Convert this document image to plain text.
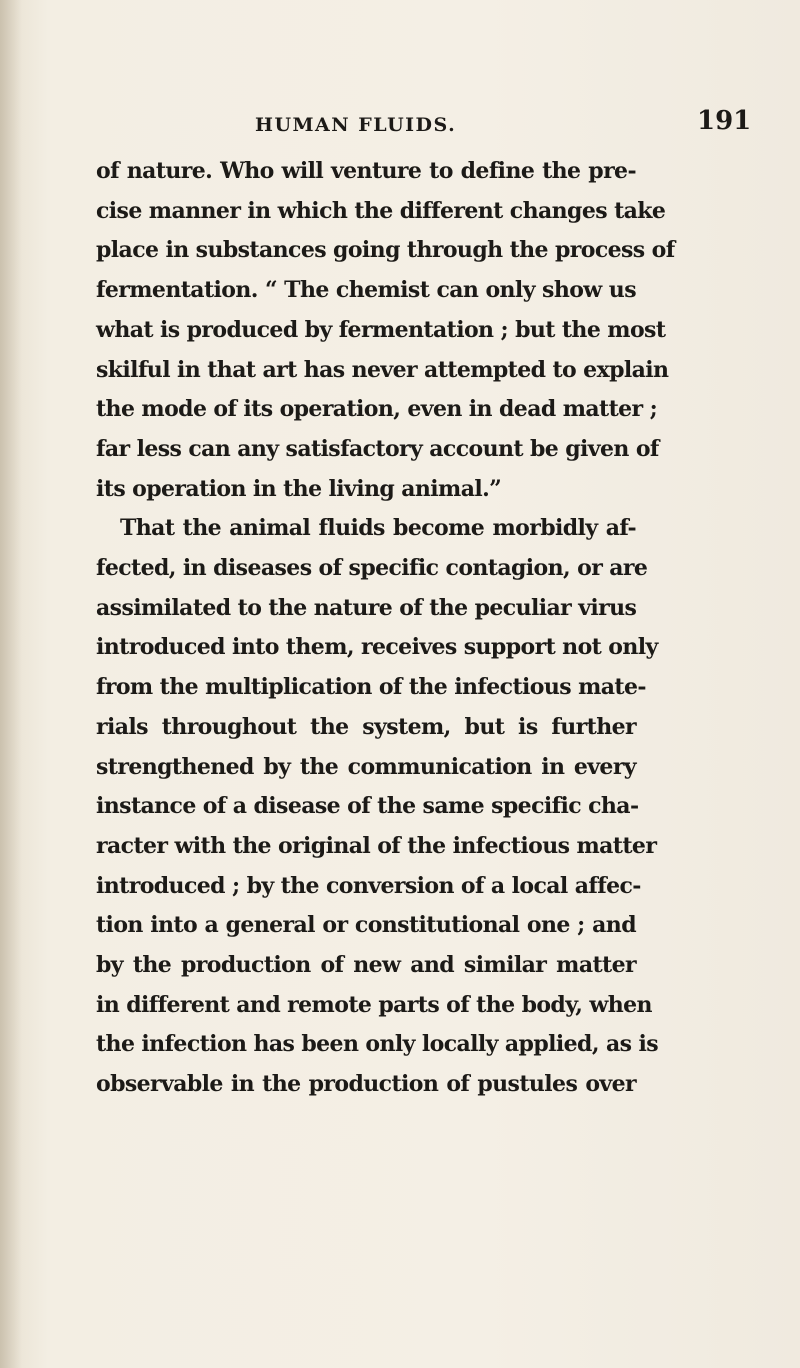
HUMAN FLUIDS.	191
of nature. Who will venture to define the pre-
cise manner in which the different changes take
place in substances going through the process of
fermentation. “ The chemist can only show us
what is produced by fermentation ; but the most
skilful in that art has never attempted to explain
the mode of its operation, even in dead matter ;
far less can any satisfactory account be given of
its operation in the living animal.”
That the animal fluids become morbidly af-
fected, in diseases of specific contagion, or are
assimilated to the nature of the peculiar virus
introduced into them, receives support not only
from the multiplication of the infectious mate-
rials throughout the system, but is further
strengthened by the communication in every
instance of a disease of the same specific cha-
racter with the original of the infectious matter
introduced ; by the conversion of a local affec-
tion into a general or constitutional one ; and
by the production of new and similar matter
in different and remote parts of the body, when
the infection has been only locally applied, as is
observable in the production of pustules over
